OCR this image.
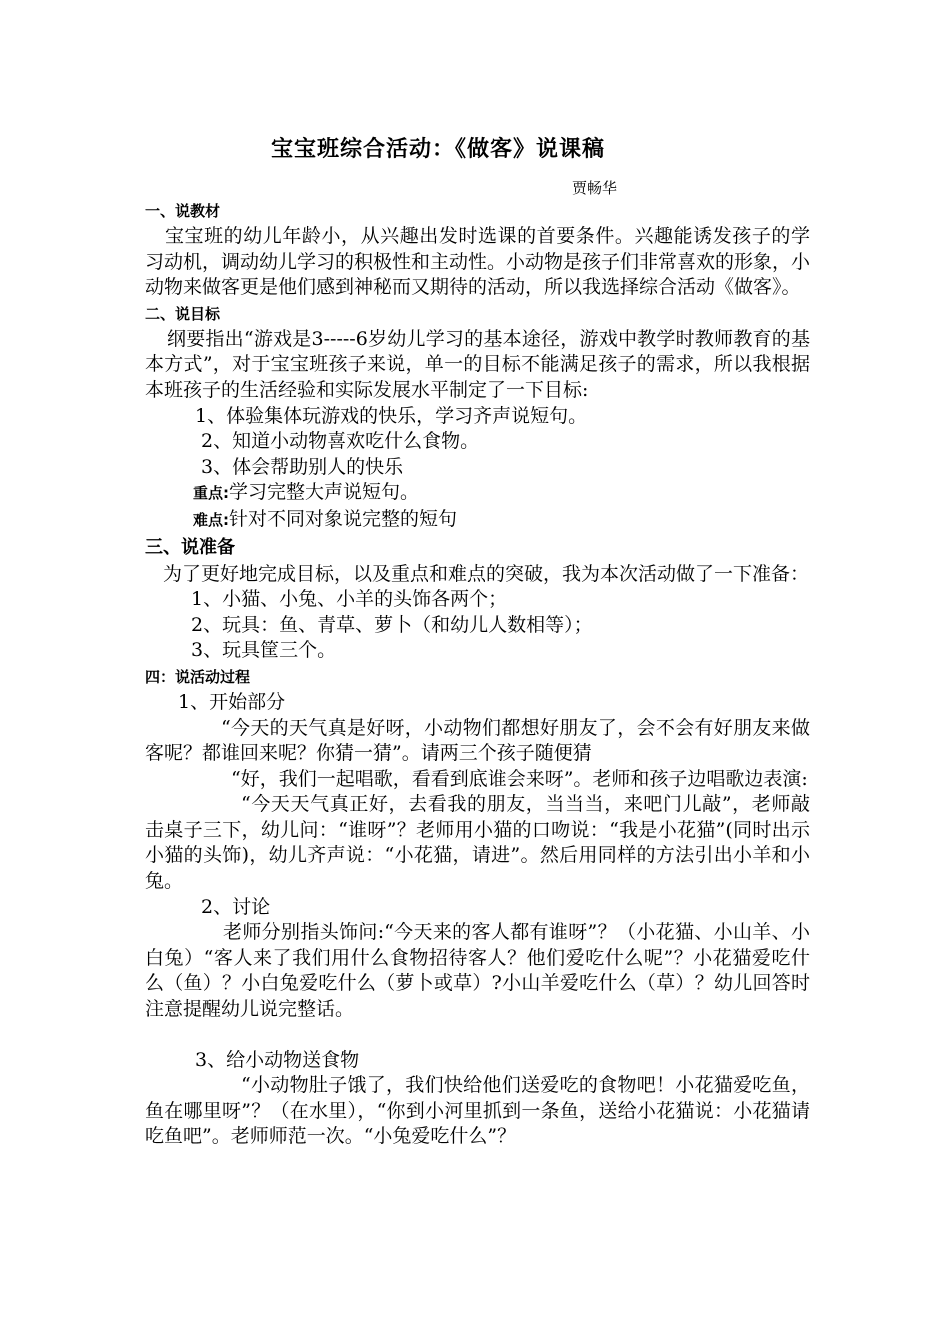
宝宝班综合活动：《做客》说课稿
贾畅华
一、说教材

宝宝班的幼儿年龄小，从兴趣出发时选课的首要条件。兴趣能诱发孩子的学习动机，调动幼儿学习的积极性和主动性。小动物是孩子们非常喜欢的形象，小动物来做客更是他们感到神秘而又期待的活动，所以我选择综合活动《做客》。

二、说目标

纲要指出“游戏是3-----6岁幼儿学习的基本途径，游戏中教学时教师教育的基本方式”，对于宝宝班孩子来说，单一的目标不能满足孩子的需求，所以我根据本班孩子的生活经验和实际发展水平制定了一下目标:

1、体验集体玩游戏的快乐，学习齐声说短句。

2、知道小动物喜欢吃什么食物。

3、体会帮助别人的快乐

重点:学习完整大声说短句。

难点:针对不同对象说完整的短句

三、说准备

为了更好地完成目标，以及重点和难点的突破，我为本次活动做了一下准备：

1、小猫、小兔、小羊的头饰各两个；

2、玩具：鱼、青草、萝卜（和幼儿人数相等）；

3、玩具筐三个。

四：说活动过程

1、开始部分

“今天的天气真是好呀，小动物们都想好朋友了，会不会有好朋友来做客呢？都谁回来呢？你猜一猜”。请两三个孩子随便猜

“好，我们一起唱歌，看看到底谁会来呀”。老师和孩子边唱歌边表演:

“今天天气真正好，去看我的朋友，当当当，来吧门儿敲”，老师敲击桌子三下，幼儿问：“谁呀”？老师用小猫的口吻说：“我是小花猫”(同时出示小猫的头饰)，幼儿齐声说：“小花猫，请进”。然后用同样的方法引出小羊和小兔。

2、讨论

老师分别指头饰问:“今天来的客人都有谁呀”？（小花猫、小山羊、小白兔）“客人来了我们用什么食物招待客人？他们爱吃什么呢”？小花猫爱吃什么（鱼）？小白兔爱吃什么（萝卜或草）?小山羊爱吃什么（草）？幼儿回答时注意提醒幼儿说完整话。

3、给小动物送食物

“小动物肚子饿了，我们快给他们送爱吃的食物吧！小花猫爱吃鱼，鱼在哪里呀”？（在水里），“你到小河里抓到一条鱼，送给小花猫说：小花猫请吃鱼吧”。老师师范一次。“小兔爱吃什么”？
